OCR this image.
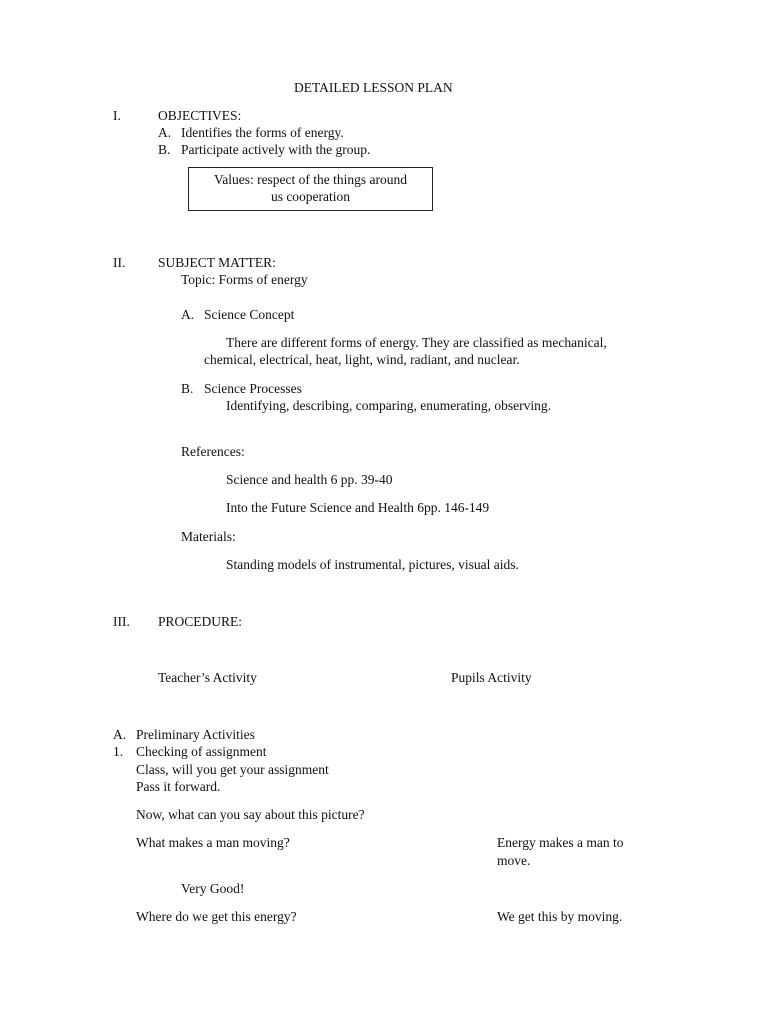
DETAILED LESSON PLAN
I.	OBJECTIVES:
A. Identifies the forms of energy.
B. Participate actively with the group.
Values: respect of the things around
us cooperation
II. SUBJECT MATTER:
Topic: Forms of energy
A. Science Concept
There are different forms of energy. They are classified as mechanical,
chemical, electrical, heat, light, wind, radiant, and nuclear.
B. Science Processes
Identifying, describing, comparing, enumerating, observing.
References:
Science and health 6 pp. 39-40
Into the Future Science and Health 6pp. 146-149
Materials:
Standing models of instrumental, pictures, visual aids.
III. PROCEDURE:
Teacher’s Activity	Pupils Activity
A. Preliminary Activities
1. Checking of assignment
Class, will you get your assignment
Pass it forward.
Now, what can you say about this picture?
What makes a man moving?	Energy makes a man to
move.
Very Good!
Where do we get this energy?	We get this by moving.
